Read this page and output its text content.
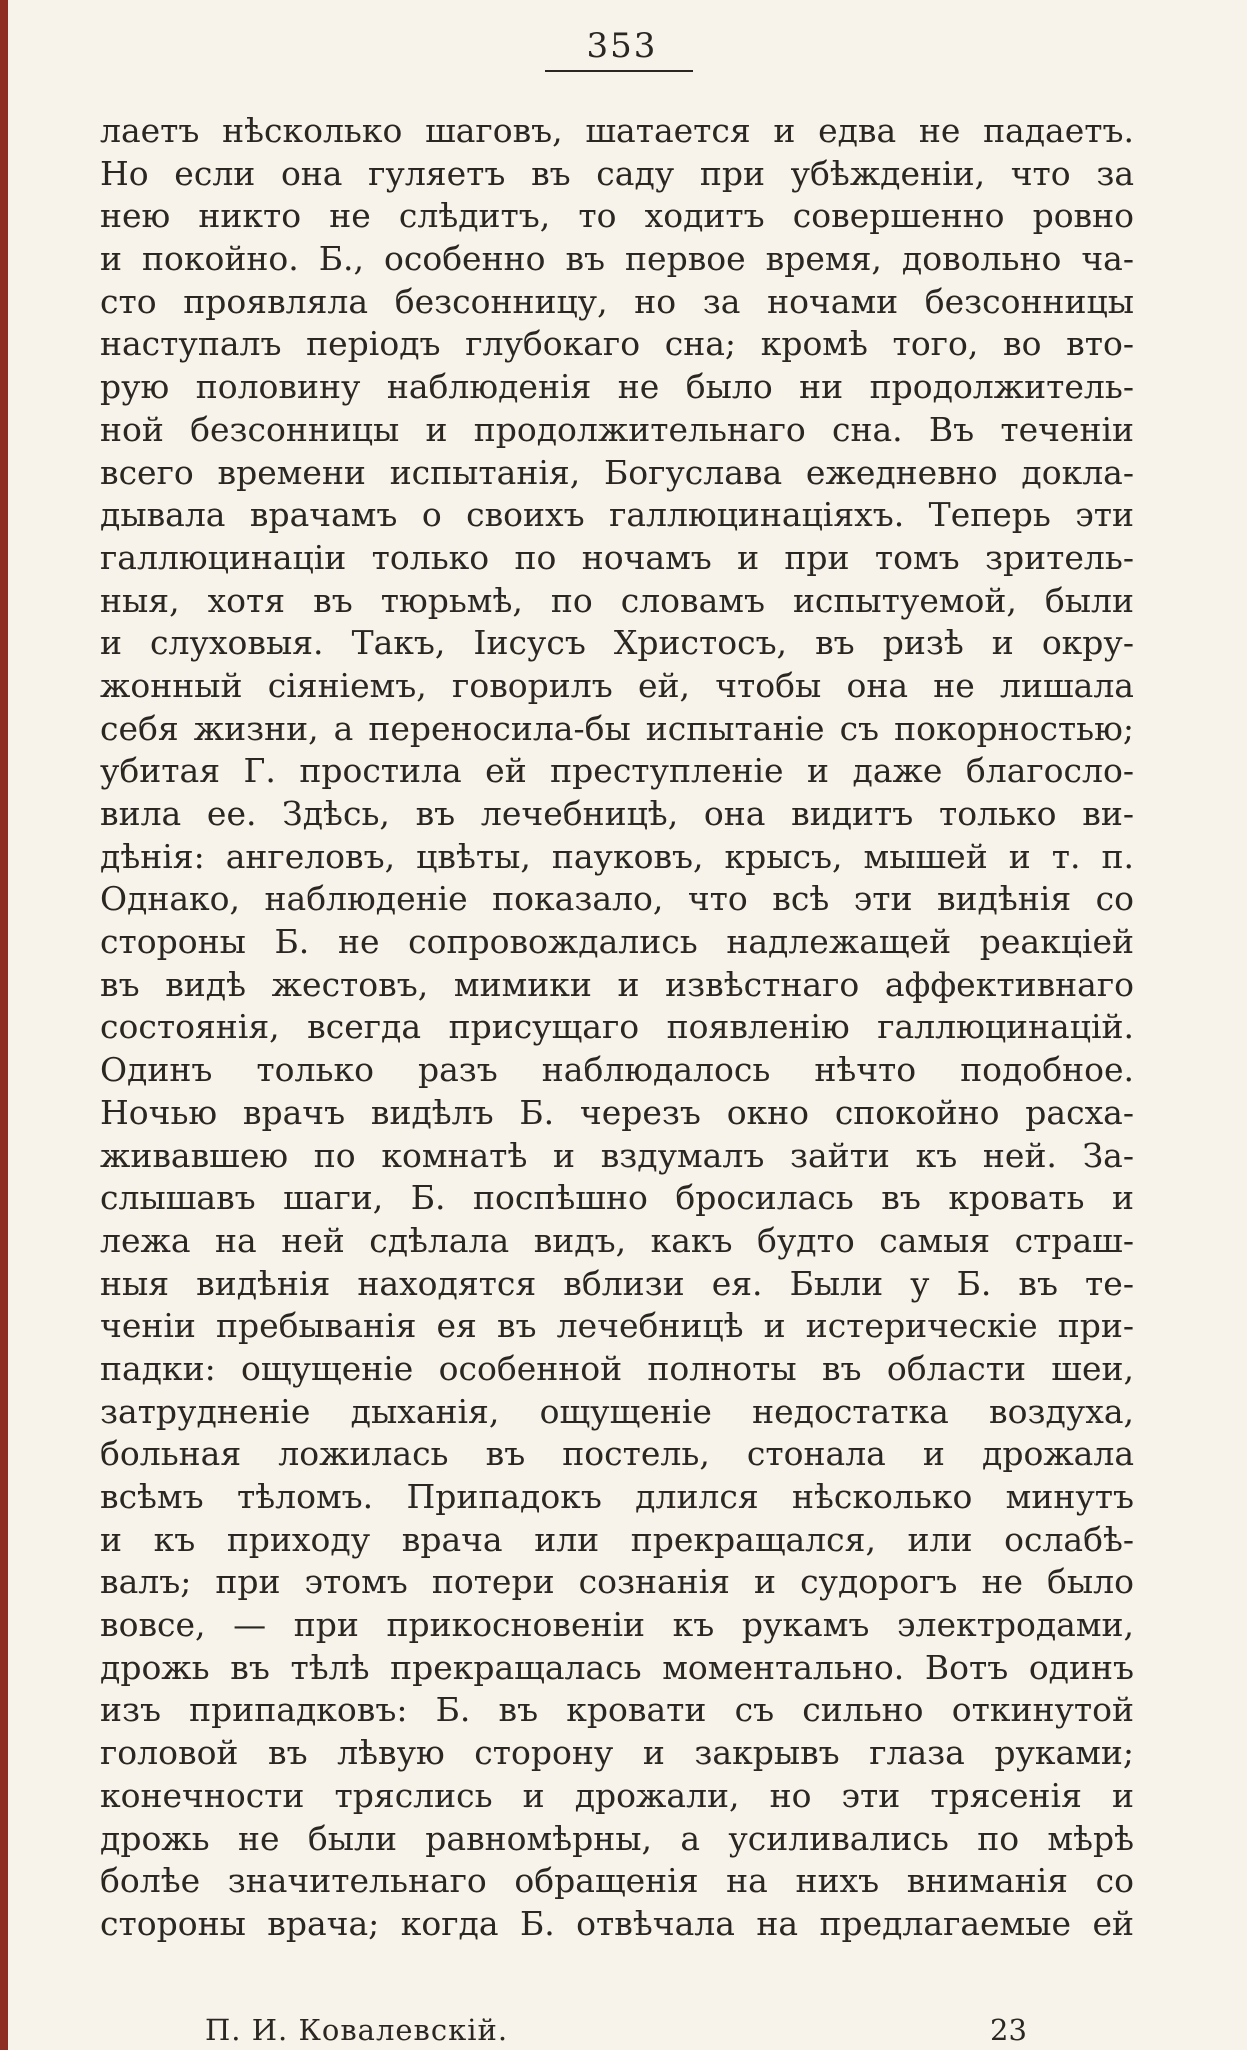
353
лаетъ нѣсколько шаговъ, шатается и едва не падаетъ.
Но если она гуляетъ въ саду при убѣжденіи, что за
нею никто не слѣдитъ, то ходитъ совершенно ровно
и покойно. Б., особенно въ первое время, довольно ча-
сто проявляла безсонницу, но за ночами безсонницы
наступалъ періодъ глубокаго сна; кромѣ того, во вто-
рую половину наблюденія не было ни продолжитель-
ной безсонницы и продолжительнаго сна. Въ теченіи
всего времени испытанія, Богуслава ежедневно докла-
дывала врачамъ о своихъ галлюцинаціяхъ. Теперь эти
галлюцинаціи только по ночамъ и при томъ зритель-
ныя, хотя въ тюрьмѣ, по словамъ испытуемой, были
и слуховыя. Такъ, Іисусъ Христосъ, въ ризѣ и окру-
жонный сіяніемъ, говорилъ ей, чтобы она не лишала
себя жизни, а переносила-бы испытаніе съ покорностью;
убитая Г. простила ей преступленіе и даже благосло-
вила ее. Здѣсь, въ лечебницѣ, она видитъ только ви-
дѣнія: ангеловъ, цвѣты, пауковъ, крысъ, мышей и т. п.
Однако, наблюденіе показало, что всѣ эти видѣнія со
стороны Б. не сопровождались надлежащей реакціей
въ видѣ жестовъ, мимики и извѣстнаго аффективнаго
состоянія, всегда присущаго появленію галлюцинацій.
Одинъ только разъ наблюдалось нѣчто подобное.
Ночью врачъ видѣлъ Б. черезъ окно спокойно расха-
живавшею по комнатѣ и вздумалъ зайти къ ней. За-
слышавъ шаги, Б. поспѣшно бросилась въ кровать и
лежа на ней сдѣлала видъ, какъ будто самыя страш-
ныя видѣнія находятся вблизи ея. Были у Б. въ те-
ченіи пребыванія ея въ лечебницѣ и истерическіе при-
падки: ощущеніе особенной полноты въ области шеи,
затрудненіе дыханія, ощущеніе недостатка воздуха,
больная ложилась въ постель, стонала и дрожала
всѣмъ тѣломъ. Припадокъ длился нѣсколько минутъ
и къ приходу врача или прекращался, или ослабѣ-
валъ; при этомъ потери сознанія и судорогъ не было
вовсе, — при прикосновеніи къ рукамъ электродами,
дрожь въ тѣлѣ прекращалась моментально. Вотъ одинъ
изъ припадковъ: Б. въ кровати съ сильно откинутой
головой въ лѣвую сторону и закрывъ глаза руками;
конечности тряслись и дрожали, но эти трясенія и
дрожь не были равномѣрны, а усиливались по мѣрѣ
болѣе значительнаго обращенія на нихъ вниманія со
стороны врача; когда Б. отвѣчала на предлагаемые ей
П. И. Ковалевскій.	23
